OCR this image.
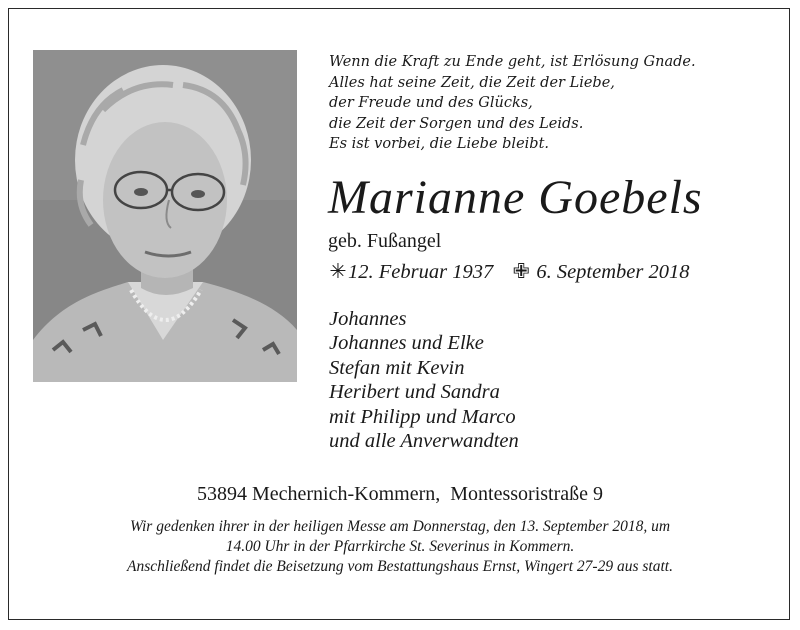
Wenn die Kraft zu Ende geht, ist Erlösung Gnade.
Alles hat seine Zeit, die Zeit der Liebe,
der Freude und des Glücks,
die Zeit der Sorgen und des Leids.
Es ist vorbei, die Liebe bleibt.
Marianne Goebels
geb. Fußangel
✳12. Februar 1937 ✙ 6. September 2018
Johannes
Johannes und Elke
Stefan mit Kevin
Heribert und Sandra
mit Philipp und Marco
und alle Anverwandten
53894 Mechernich-Kommern,  Montessoristraße 9
Wir gedenken ihrer in der heiligen Messe am Donnerstag, den 13. September 2018, um
14.00 Uhr in der Pfarrkirche St. Severinus in Kommern.
Anschließend findet die Beisetzung vom Bestattungshaus Ernst, Wingert 27-29 aus statt.
